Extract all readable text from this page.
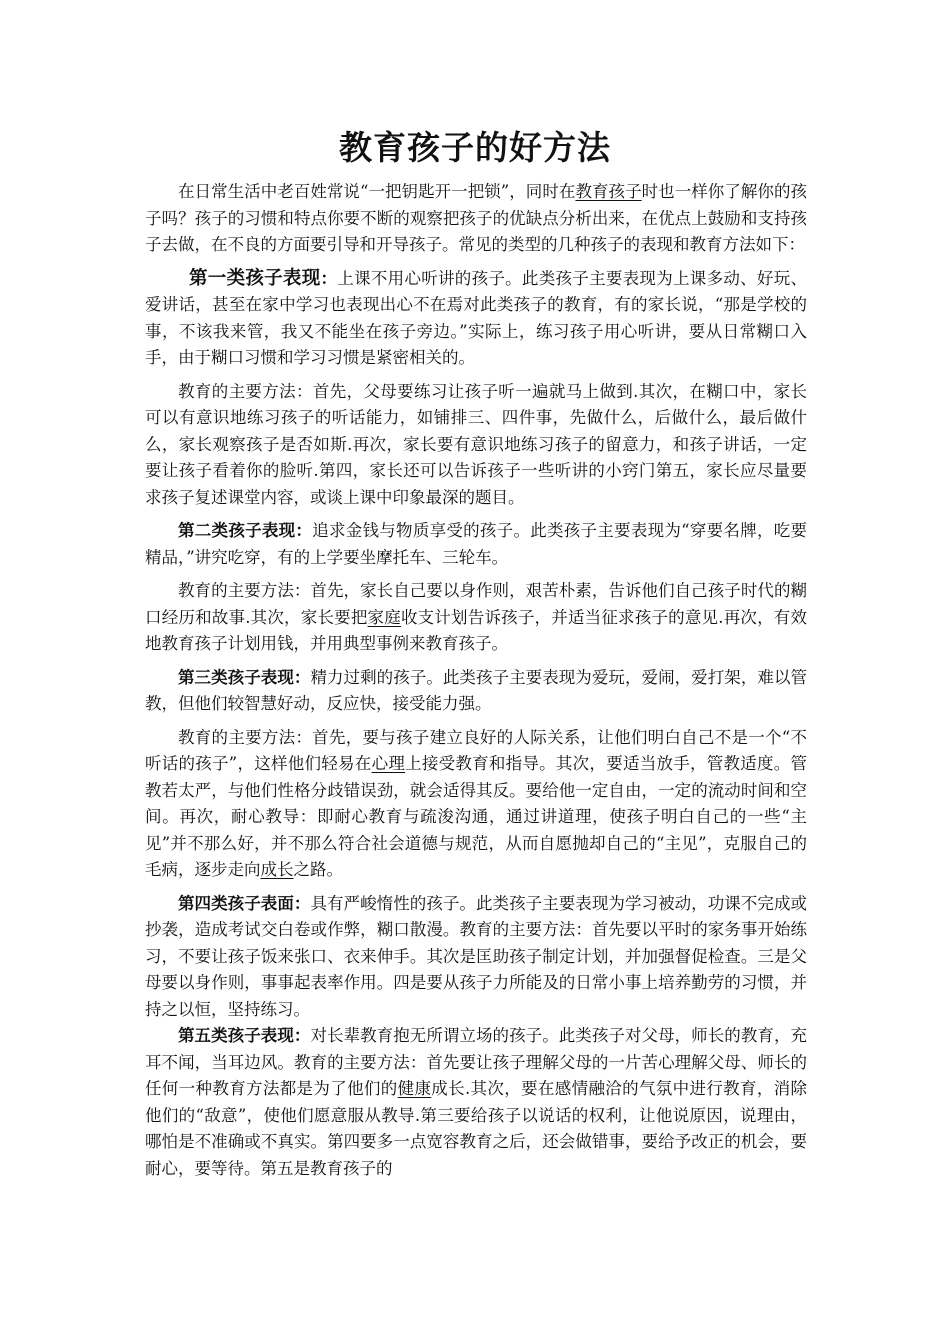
教育孩子的好方法

在日常生活中老百姓常说“一把钥匙开一把锁”，同时在教育孩子时也一样你了解你的孩子吗？孩子的习惯和特点你要不断的观察把孩子的优缺点分析出来，在优点上鼓励和支持孩子去做，在不良的方面要引导和开导孩子。常见的类型的几种孩子的表现和教育方法如下：

第一类孩子表现：上课不用心听讲的孩子。此类孩子主要表现为上课多动、好玩、爱讲话，甚至在家中学习也表现出心不在焉对此类孩子的教育，有的家长说，“那是学校的事，不该我来管，我又不能坐在孩子旁边。”实际上，练习孩子用心听讲，要从日常糊口入手，由于糊口习惯和学习习惯是紧密相关的。

教育的主要方法：首先，父母要练习让孩子听一遍就马上做到.其次，在糊口中，家长可以有意识地练习孩子的听话能力，如铺排三、四件事，先做什么，后做什么，最后做什么，家长观察孩子是否如斯.再次，家长要有意识地练习孩子的留意力，和孩子讲话，一定要让孩子看着你的脸听.第四，家长还可以告诉孩子一些听讲的小窍门第五，家长应尽量要求孩子复述课堂内容，或谈上课中印象最深的题目。

第二类孩子表现：追求金钱与物质享受的孩子。此类孩子主要表现为“穿要名牌，吃要精品，”讲究吃穿，有的上学要坐摩托车、三轮车。

教育的主要方法：首先，家长自己要以身作则，艰苦朴素，告诉他们自己孩子时代的糊口经历和故事.其次，家长要把家庭收支计划告诉孩子，并适当征求孩子的意见.再次，有效地教育孩子计划用钱，并用典型事例来教育孩子。

第三类孩子表现：精力过剩的孩子。此类孩子主要表现为爱玩，爱闹，爱打架，难以管教，但他们较智慧好动，反应快，接受能力强。

教育的主要方法：首先，要与孩子建立良好的人际关系，让他们明白自己不是一个“不听话的孩子”，这样他们轻易在心理上接受教育和指导。其次，要适当放手，管教适度。管教若太严，与他们性格分歧错误劲，就会适得其反。要给他一定自由，一定的流动时间和空间。再次，耐心教导：即耐心教育与疏浚沟通，通过讲道理，使孩子明白自己的一些“主见”并不那么好，并不那么符合社会道德与规范，从而自愿抛却自己的“主见”，克服自己的毛病，逐步走向成长之路。

第四类孩子表面：具有严峻惰性的孩子。此类孩子主要表现为学习被动，功课不完成或抄袭，造成考试交白卷或作弊，糊口散漫。教育的主要方法：首先要以平时的家务事开始练习，不要让孩子饭来张口、衣来伸手。其次是匡助孩子制定计划，并加强督促检查。三是父母要以身作则，事事起表率作用。四是要从孩子力所能及的日常小事上培养勤劳的习惯，并持之以恒，坚持练习。

第五类孩子表现：对长辈教育抱无所谓立场的孩子。此类孩子对父母，师长的教育，充耳不闻，当耳边风。教育的主要方法：首先要让孩子理解父母的一片苦心理解父母、师长的任何一种教育方法都是为了他们的健康成长.其次，要在感情融洽的气氛中进行教育，消除他们的“敌意”，使他们愿意服从教导.第三要给孩子以说话的权利，让他说原因，说理由，哪怕是不准确或不真实。第四要多一点宽容教育之后，还会做错事，要给予改正的机会，要耐心，要等待。第五是教育孩子的
